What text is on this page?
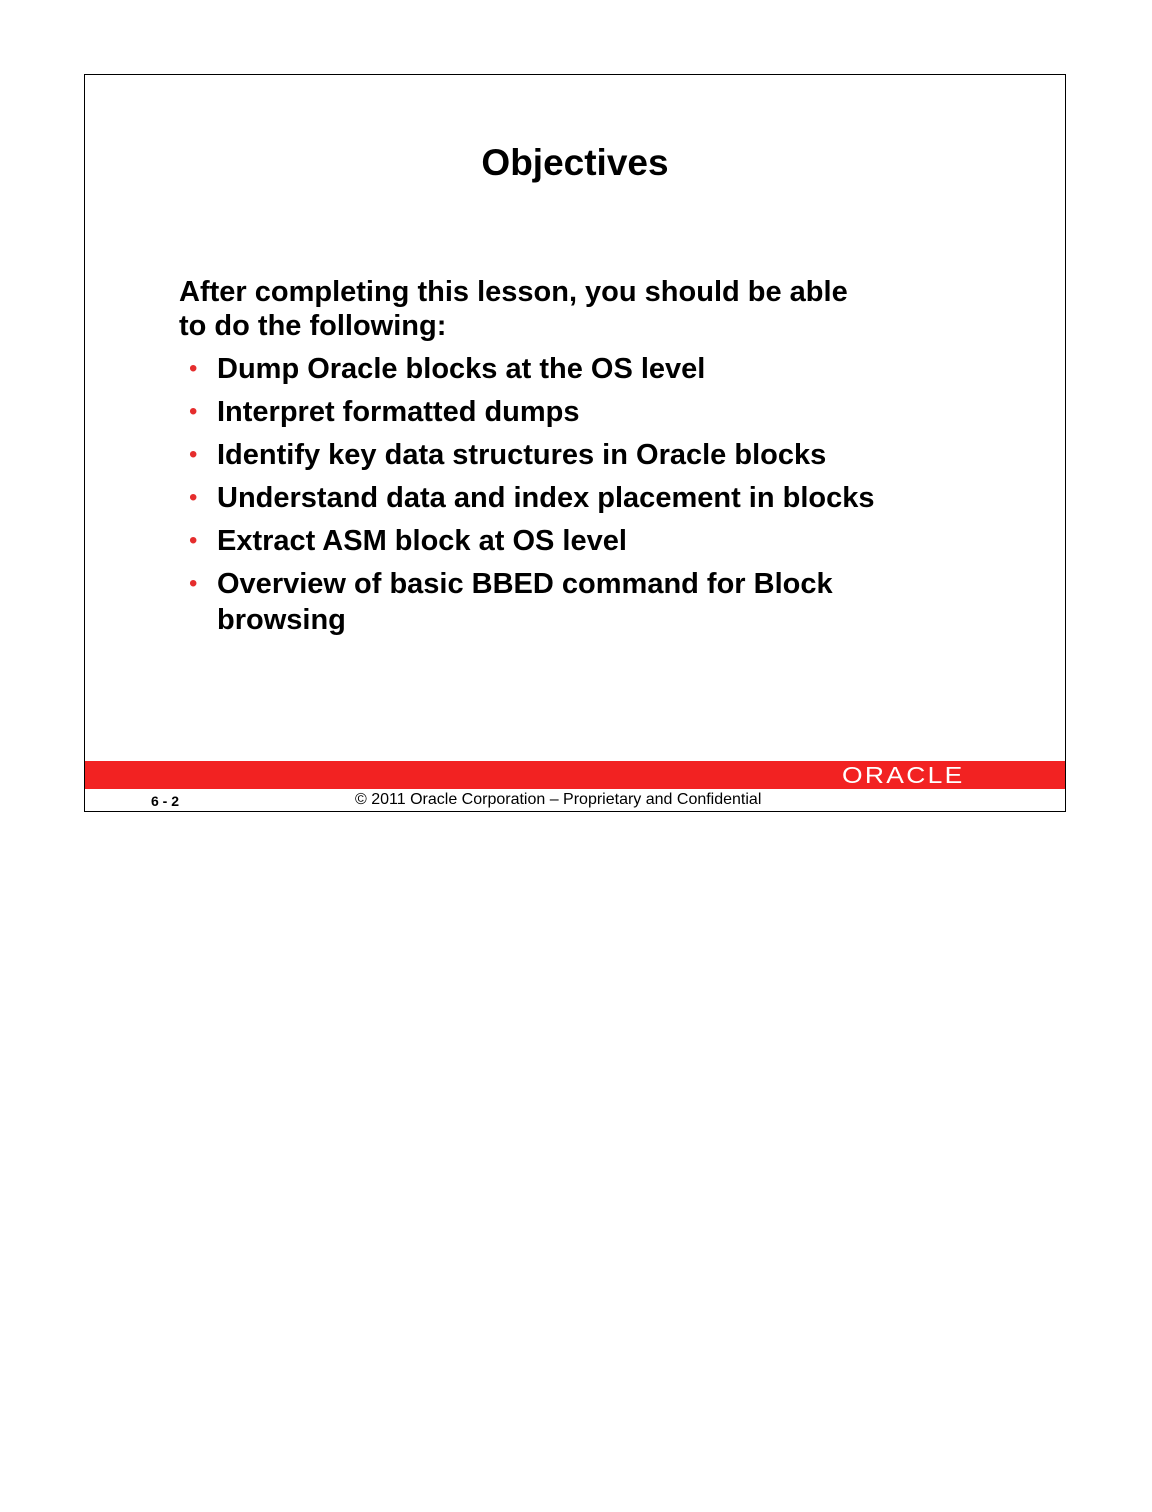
Objectives
After completing this lesson, you should be able
to do the following:
• Dump Oracle blocks at the OS level
• Interpret formatted dumps
• Identify key data structures in Oracle blocks
• Understand data and index placement in blocks
• Extract ASM block at OS level
• Overview of basic BBED command for Block browsing
ORACLE
6 - 2	© 2011 Oracle Corporation – Proprietary and Confidential
